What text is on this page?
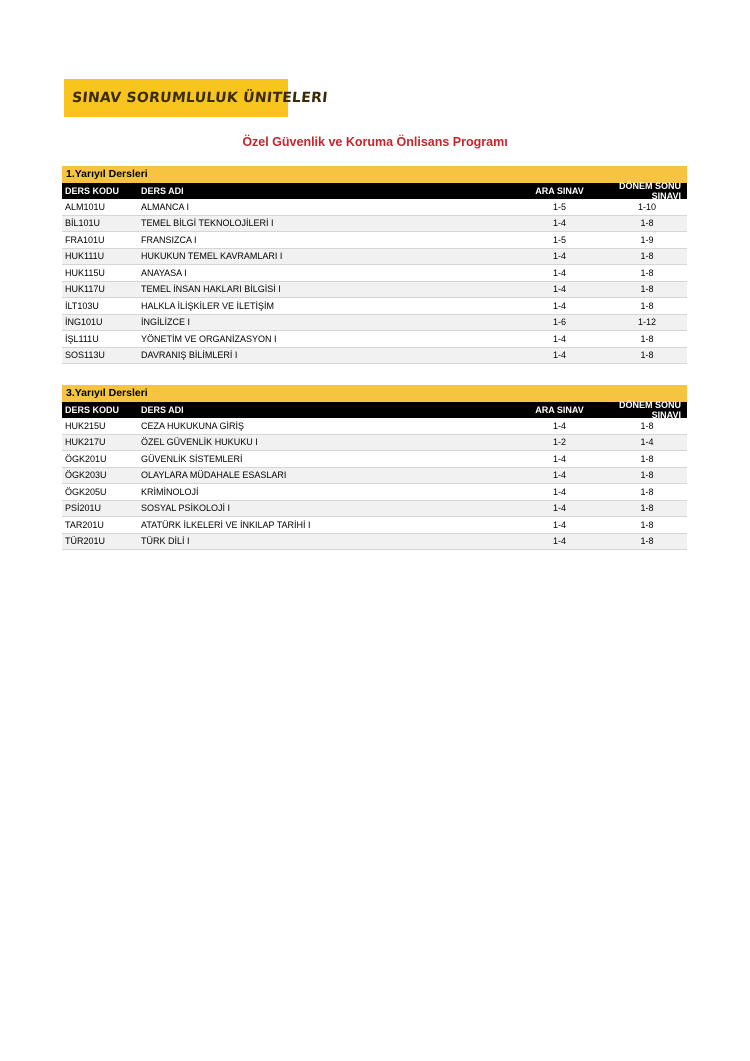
SINAV SORUMLULUK ÜNITELERI
Özel Güvenlik ve Koruma Önlisans Programı
1.Yarıyıl Dersleri
DERS KODU	DERS ADI	ARA SINAV	DÖNEM SONU SINAVI
ALM101U	ALMANCA I	1-5	1-10
BİL101U	TEMEL BİLGİ TEKNOLOJİLERİ I	1-4	1-8
FRA101U	FRANSIZCA I	1-5	1-9
HUK111U	HUKUKUN TEMEL KAVRAMLARI I	1-4	1-8
HUK115U	ANAYASA I	1-4	1-8
HUK117U	TEMEL İNSAN HAKLARI BİLGİSİ I	1-4	1-8
İLT103U	HALKLA İLİŞKİLER VE İLETİŞİM	1-4	1-8
İNG101U	İNGİLİZCE I	1-6	1-12
İŞL111U	YÖNETİM VE ORGANİZASYON I	1-4	1-8
SOS113U	DAVRANIŞ BİLİMLERİ I	1-4	1-8
3.Yarıyıl Dersleri
DERS KODU	DERS ADI	ARA SINAV	DÖNEM SONU SINAVI
HUK215U	CEZA HUKUKUNA GİRİŞ	1-4	1-8
HUK217U	ÖZEL GÜVENLİK HUKUKU I	1-2	1-4
ÖGK201U	GÜVENLİK SİSTEMLERİ	1-4	1-8
ÖGK203U	OLAYLARA MÜDAHALE ESASLARI	1-4	1-8
ÖGK205U	KRİMİNOLOJİ	1-4	1-8
PSİ201U	SOSYAL PSİKOLOJİ I	1-4	1-8
TAR201U	ATATÜRK İLKELERİ VE İNKILAP TARİHİ I	1-4	1-8
TÜR201U	TÜRK DİLİ I	1-4	1-8
